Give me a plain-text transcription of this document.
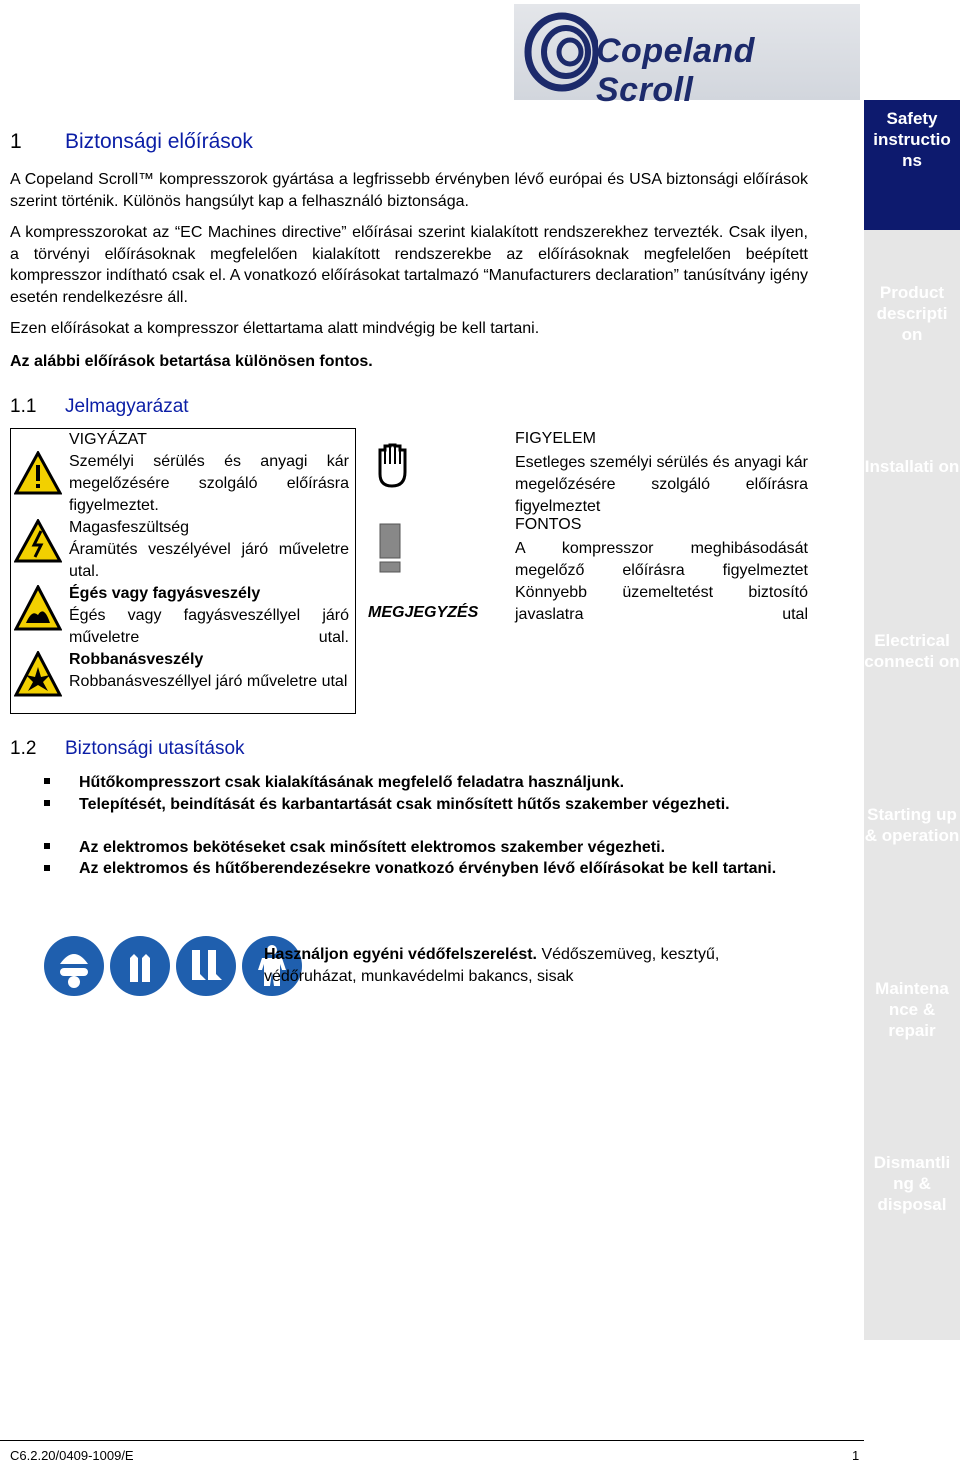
Copeland Scroll
Safety instructio ns
Product descripti on
Installati on
Electrical connecti on
Starting up & operation
Maintena nce & repair
Dismantli ng & disposal
1 Biztonsági előírások
A Copeland Scroll™ kompresszorok gyártása a legfrissebb érvényben lévő európai és USA biztonsági előírások szerint történik. Különös hangsúlyt kap a felhasználó biztonsága.
A kompresszorokat az “EC Machines directive” előírásai szerint kialakított rendszerekhez tervezték. Csak ilyen, a törvényi előírásoknak megfelelően kialakított rendszerekbe az előírásoknak megfelelően beépített kompresszor indítható csak el. A vonatkozó előírásokat tartalmazó “Manufacturers declaration” tanúsítvány igény esetén rendelkezésre áll.
Ezen előírásokat a kompresszor élettartama alatt mindvégig be kell tartani.
Az alábbi előírások betartása különösen fontos.
1.1 Jelmagyarázat
VIGYÁZAT
Személyi sérülés és anyagi kár megelőzésére szolgáló előírásra figyelmeztet.
Magasfeszültség
Áramütés veszélyével járó műveletre utal.
Égés vagy fagyásveszély
Égés vagy fagyásveszéllyel járó műveletre utal.
Robbanásveszély
Robbanásveszéllyel járó műveletre utal
MEGJEGYZÉS
FIGYELEM
Esetleges személyi sérülés és anyagi kár megelőzésére szolgáló előírásra figyelmeztet
FONTOS
A kompresszor meghibásodását megelőző előírásra figyelmeztet
Könnyebb üzemeltetést biztosító javaslatra utal
1.2 Biztonsági utasítások
Hűtőkompresszort csak kialakításának megfelelő feladatra használjunk.
Telepítését, beindítását és karbantartását csak minősített hűtős szakember végezheti.
Az elektromos bekötéseket csak minősített elektromos szakember végezheti.
Az elektromos és hűtőberendezésekre vonatkozó érvényben lévő előírásokat be kell tartani.
Használjon egyéni védőfelszerelést. Védőszemüveg, kesztyű, védőruházat, munkavédelmi bakancs, sisak
C6.2.20/0409-1009/E	1
